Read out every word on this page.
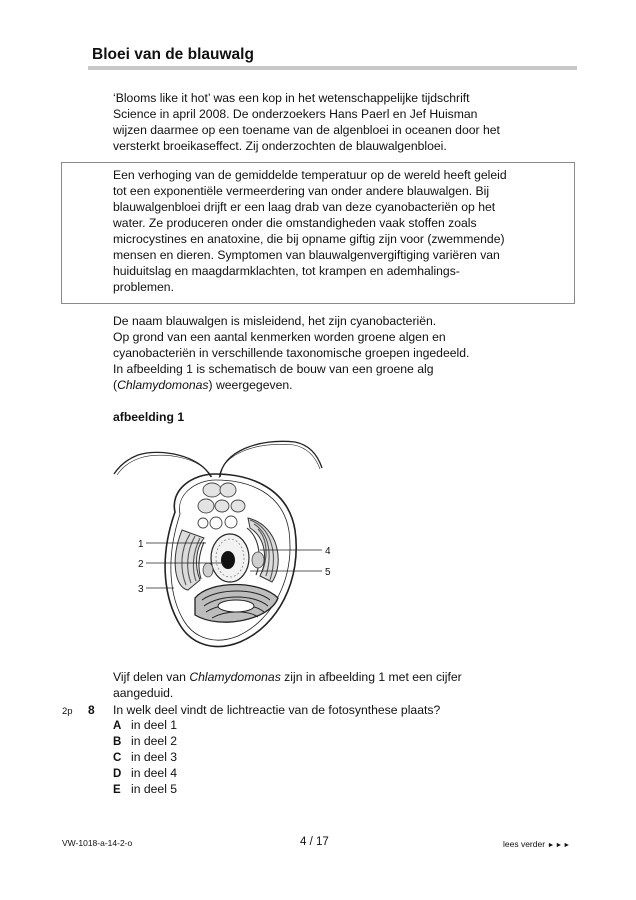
Bloei van de blauwalg

‘Blooms like it hot’ was een kop in het wetenschappelijke tijdschrift

Science in april 2008. De onderzoekers Hans Paerl en Jef Huisman

wijzen daarmee op een toename van de algenbloei in oceanen door het

versterkt broeikaseffect. Zij onderzochten de blauwalgenbloei.

Een verhoging van de gemiddelde temperatuur op de wereld heeft geleid

tot een exponentiële vermeerdering van onder andere blauwalgen. Bij

blauwalgenbloei drijft er een laag drab van deze cyanobacteriën op het

water. Ze produceren onder die omstandigheden vaak stoffen zoals

microcystines en anatoxine, die bij opname giftig zijn voor (zwemmende)

mensen en dieren. Symptomen van blauwalgenvergiftiging variëren van

huiduitslag en maagdarmklachten, tot krampen en ademhalings-

problemen.

De naam blauwalgen is misleidend, het zijn cyanobacteriën.

Op grond van een aantal kenmerken worden groene algen en

cyanobacteriën in verschillende taxonomische groepen ingedeeld.

In afbeelding 1 is schematisch de bouw van een groene alg

(Chlamydomonas) weergegeven.

afbeelding 1
1
2
3
4
5

Vijf delen van Chlamydomonas zijn in afbeelding 1 met een cijfer

aangeduid.

2p 8 In welk deel vindt de lichtreactie van de fotosynthese plaats?

A in deel 1
B in deel 2
C in deel 3
D in deel 4
E in deel 5
VW-1018-a-14-2-o	4 / 17	lees verder ►►►
